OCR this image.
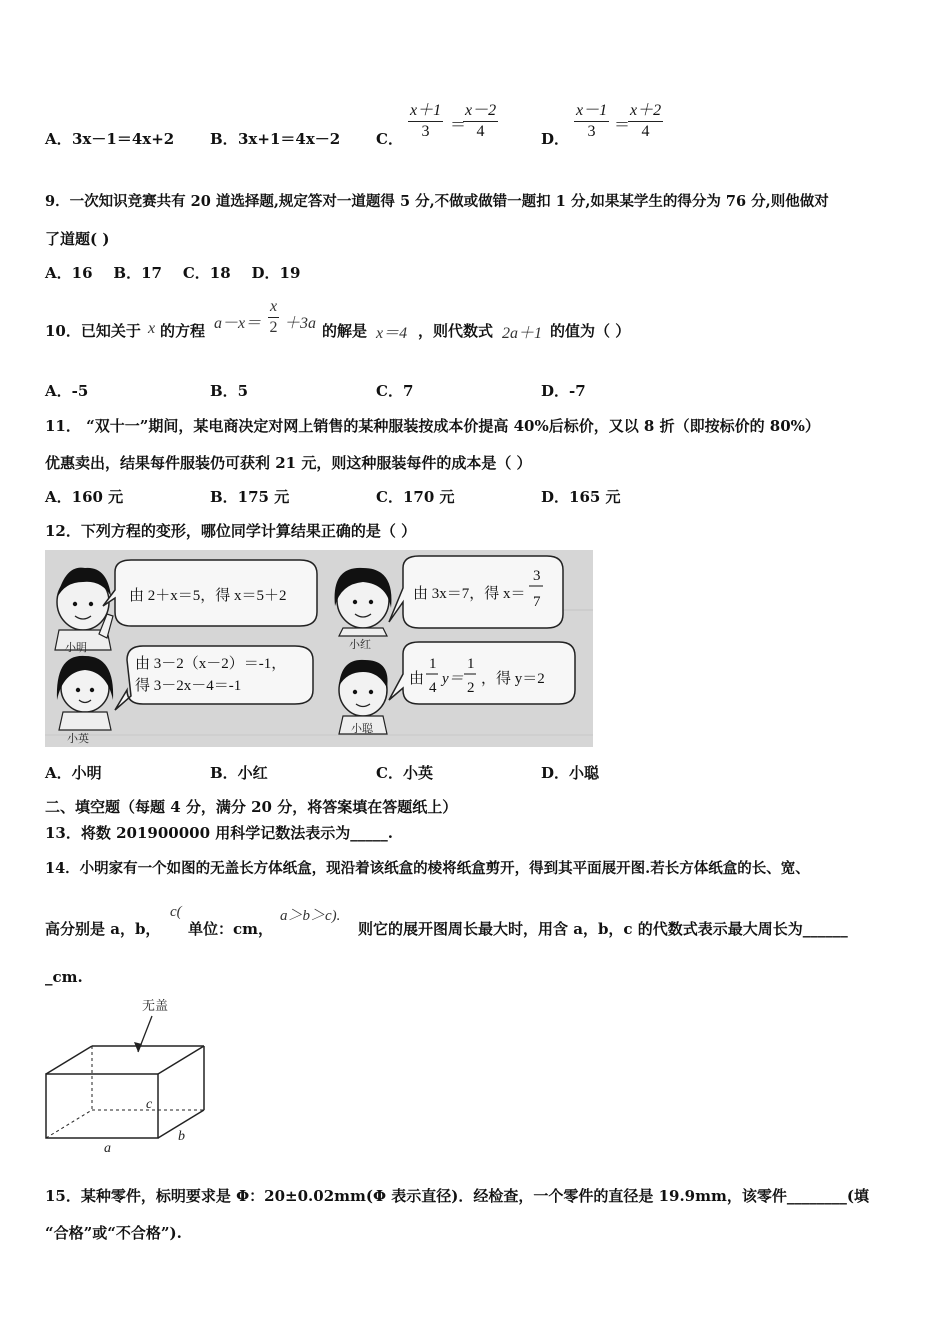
A． 3x－1＝4x+2 B． 3x+1＝4x－2 C． $\frac{x+1}{3}$ ＝
$\frac{x-2}{4}$	D． $\frac{x-1}{3}$ ＝
$\frac{x+2}{4}$
9．一次知识竞赛共有 20 道选择题,规定答对一道题得 5 分,不做或做错一题扣 1 分,如果某学生的得分为 76 分,则他做对
了道题( )
A．16    B．17    C．18    D．19
10．已知关于 x 的方程 $a-x= \frac{x}{2} +3a$ 的解是 x＝4 ，则代数式 2a＋1 的值为（ ）
A．-5	B．5	C．7	D．-7
11． “双十一”期间，某电商决定对网上销售的某种服装按成本价提高 40%后标价，又以 8 折（即按标价的 80%）
优惠卖出，结果每件服装仍可获利 21 元，则这种服装每件的成本是（ ）
A．160 元	B．175 元	C．170 元	D．165 元
12．下列方程的变形，哪位同学计算结果正确的是（ ）
小明
由 2＋x＝5，得 x＝5＋2
小红
由 3x＝7，得 x＝
3
7
小英
由 3－2（x－2）＝-1，
得 3－2x－4＝-1
小聪
由
1
4
y＝
1
2
，得 y＝2
A．小明	B．小红	C．小英	D．小聪
二、填空题（每题 4 分，满分 20 分，将答案填在答题纸上）
13．将数 201900000 用科学记数法表示为_____.
14．小明家有一个如图的无盖长方体纸盒，现沿着该纸盒的棱将纸盒剪开，得到其平面展开图.若长方体纸盒的长、宽、
高分别是 a，b，
c(
单位：cm，
a＞b＞c).
则它的展开图周长最大时，用含 a，b，c 的代数式表示最大周长为______
_cm.
无盖
a
b
c
15．某种零件，标明要求是 Φ：20±0.02mm(Φ 表示直径)．经检查，一个零件的直径是 19.9mm，该零件________(填
“合格”或“不合格”).
